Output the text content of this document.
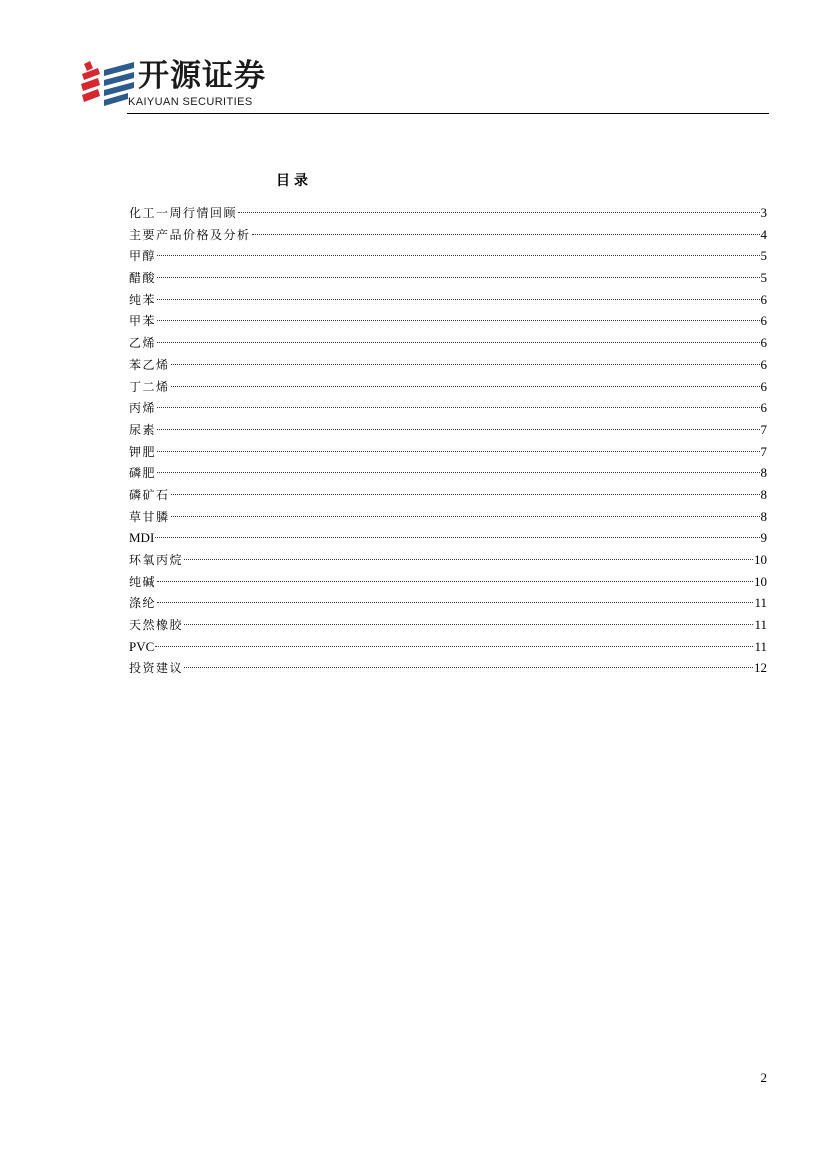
开源证券
KAIYUAN SECURITIES
目录
化工一周行情回顾	3
主要产品价格及分析	4
甲醇	5
醋酸	5
纯苯	6
甲苯	6
乙烯	6
苯乙烯	6
丁二烯	6
丙烯	6
尿素	7
钾肥	7
磷肥	8
磷矿石	8
草甘膦	8
MDI	9
环氧丙烷	10
纯碱	10
涤纶	11
天然橡胶	11
PVC	11
投资建议	12
2
